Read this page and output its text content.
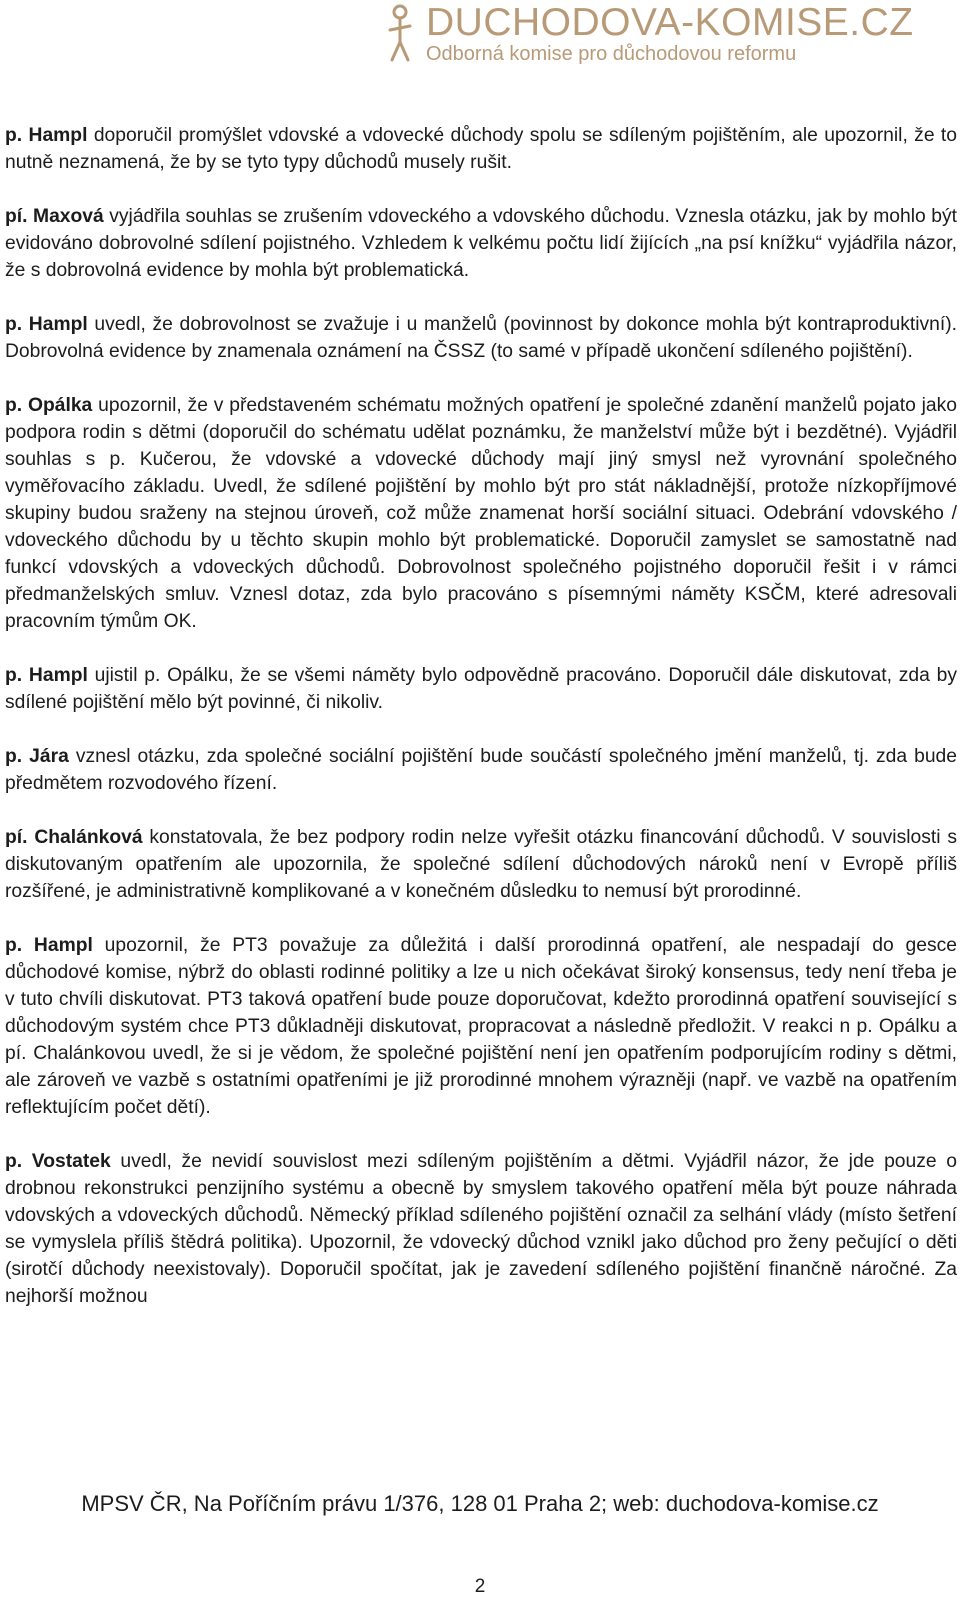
DUCHODOVA-KOMISE.CZ
Odborná komise pro důchodovou reformu

p. Hampl doporučil promýšlet vdovské a vdovecké důchody spolu se sdíleným pojištěním, ale upozornil, že to nutně neznamená, že by se tyto typy důchodů musely rušit.

pí. Maxová vyjádřila souhlas se zrušením vdoveckého a vdovského důchodu. Vznesla otázku, jak by mohlo být evidováno dobrovolné sdílení pojistného. Vzhledem k velkému počtu lidí žijících „na psí knížku“ vyjádřila názor, že s dobrovolná evidence by mohla být problematická.

p. Hampl uvedl, že dobrovolnost se zvažuje i u manželů (povinnost by dokonce mohla být kontraproduktivní). Dobrovolná evidence by znamenala oznámení na ČSSZ (to samé v případě ukončení sdíleného pojištění).

p. Opálka upozornil, že v představeném schématu možných opatření je společné zdanění manželů pojato jako podpora rodin s dětmi (doporučil do schématu udělat poznámku, že manželství může být i bezdětné). Vyjádřil souhlas s p. Kučerou, že vdovské a vdovecké důchody mají jiný smysl než vyrovnání společného vyměřovacího základu. Uvedl, že sdílené pojištění by mohlo být pro stát nákladnější, protože nízkopříjmové skupiny budou sraženy na stejnou úroveň, což může znamenat horší sociální situaci. Odebrání vdovského / vdoveckého důchodu by u těchto skupin mohlo být problematické. Doporučil zamyslet se samostatně nad funkcí vdovských a vdoveckých důchodů. Dobrovolnost společného pojistného doporučil řešit i v rámci předmanželských smluv. Vznesl dotaz, zda bylo pracováno s písemnými náměty KSČM, které adresovali pracovním týmům OK.

p. Hampl ujistil p. Opálku, že se všemi náměty bylo odpovědně pracováno. Doporučil dále diskutovat, zda by sdílené pojištění mělo být povinné, či nikoliv.

p. Jára vznesl otázku, zda společné sociální pojištění bude součástí společného jmění manželů, tj. zda bude předmětem rozvodového řízení.

pí. Chalánková konstatovala, že bez podpory rodin nelze vyřešit otázku financování důchodů. V souvislosti s diskutovaným opatřením ale upozornila, že společné sdílení důchodových nároků není v Evropě příliš rozšířené, je administrativně komplikované a v konečném důsledku to nemusí být prorodinné.

p. Hampl upozornil, že PT3 považuje za důležitá i další prorodinná opatření, ale nespadají do gesce důchodové komise, nýbrž do oblasti rodinné politiky a lze u nich očekávat široký konsensus, tedy není třeba je v tuto chvíli diskutovat. PT3 taková opatření bude pouze doporučovat, kdežto prorodinná opatření související s důchodovým systém chce PT3 důkladněji diskutovat, propracovat a následně předložit. V reakci n p. Opálku a pí. Chalánkovou uvedl, že si je vědom, že společné pojištění není jen opatřením podporujícím rodiny s dětmi, ale zároveň ve vazbě s ostatními opatřeními je již prorodinné mnohem výrazněji (např. ve vazbě na opatřením reflektujícím počet dětí).

p. Vostatek uvedl, že nevidí souvislost mezi sdíleným pojištěním a dětmi. Vyjádřil názor, že jde pouze o drobnou rekonstrukci penzijního systému a obecně by smyslem takového opatření měla být pouze náhrada vdovských a vdoveckých důchodů. Německý příklad sdíleného pojištění označil za selhání vlády (místo šetření se vymyslela příliš štědrá politika). Upozornil, že vdovecký důchod vznikl jako důchod pro ženy pečující o děti (sirotčí důchody neexistovaly). Doporučil spočítat, jak je zavedení sdíleného pojištění finančně náročné. Za nejhorší možnou

MPSV ČR, Na Poříčním právu 1/376, 128 01 Praha 2; web: duchodova-komise.cz
2
